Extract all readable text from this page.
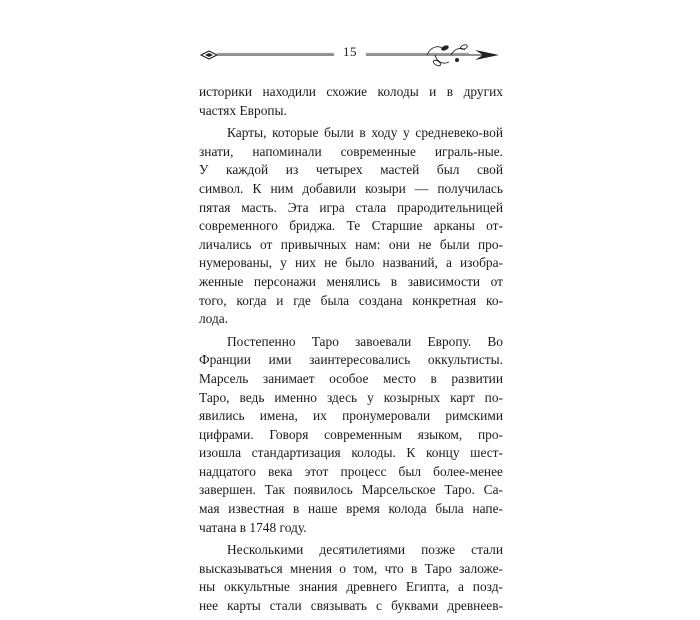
15
историки находили схожие колоды и в других
частях Европы.
Карты, которые были в ходу у средневеко-вой
знати, напоминали современные играль-ные.
У каждой из четырех мастей был свой
символ. К ним добавили козыри — получилась
пятая масть. Эта игра стала прародительницей
современного бриджа. Те Старшие арканы от-
личались от привычных нам: они не были про-
нумерованы, у них не было названий, а изобра-
женные персонажи менялись в зависимости от
того, когда и где была создана конкретная ко-
лода.
Постепенно Таро завоевали Европу. Во
Франции ими заинтересовались оккультисты.
Марсель занимает особое место в развитии
Таро, ведь именно здесь у козырных карт по-
явились имена, их пронумеровали римскими
цифрами. Говоря современным языком, про-
изошла стандартизация колоды. К концу шест-
надцатого века этот процесс был более-менее
завершен. Так появилось Марсельское Таро. Са-
мая известная в наше время колода была напе-
чатана в 1748 году.
Несколькими десятилетиями позже стали
высказываться мнения о том, что в Таро заложе-
ны оккультные знания древнего Египта, а позд-
нее карты стали связывать с буквами древнеев-
